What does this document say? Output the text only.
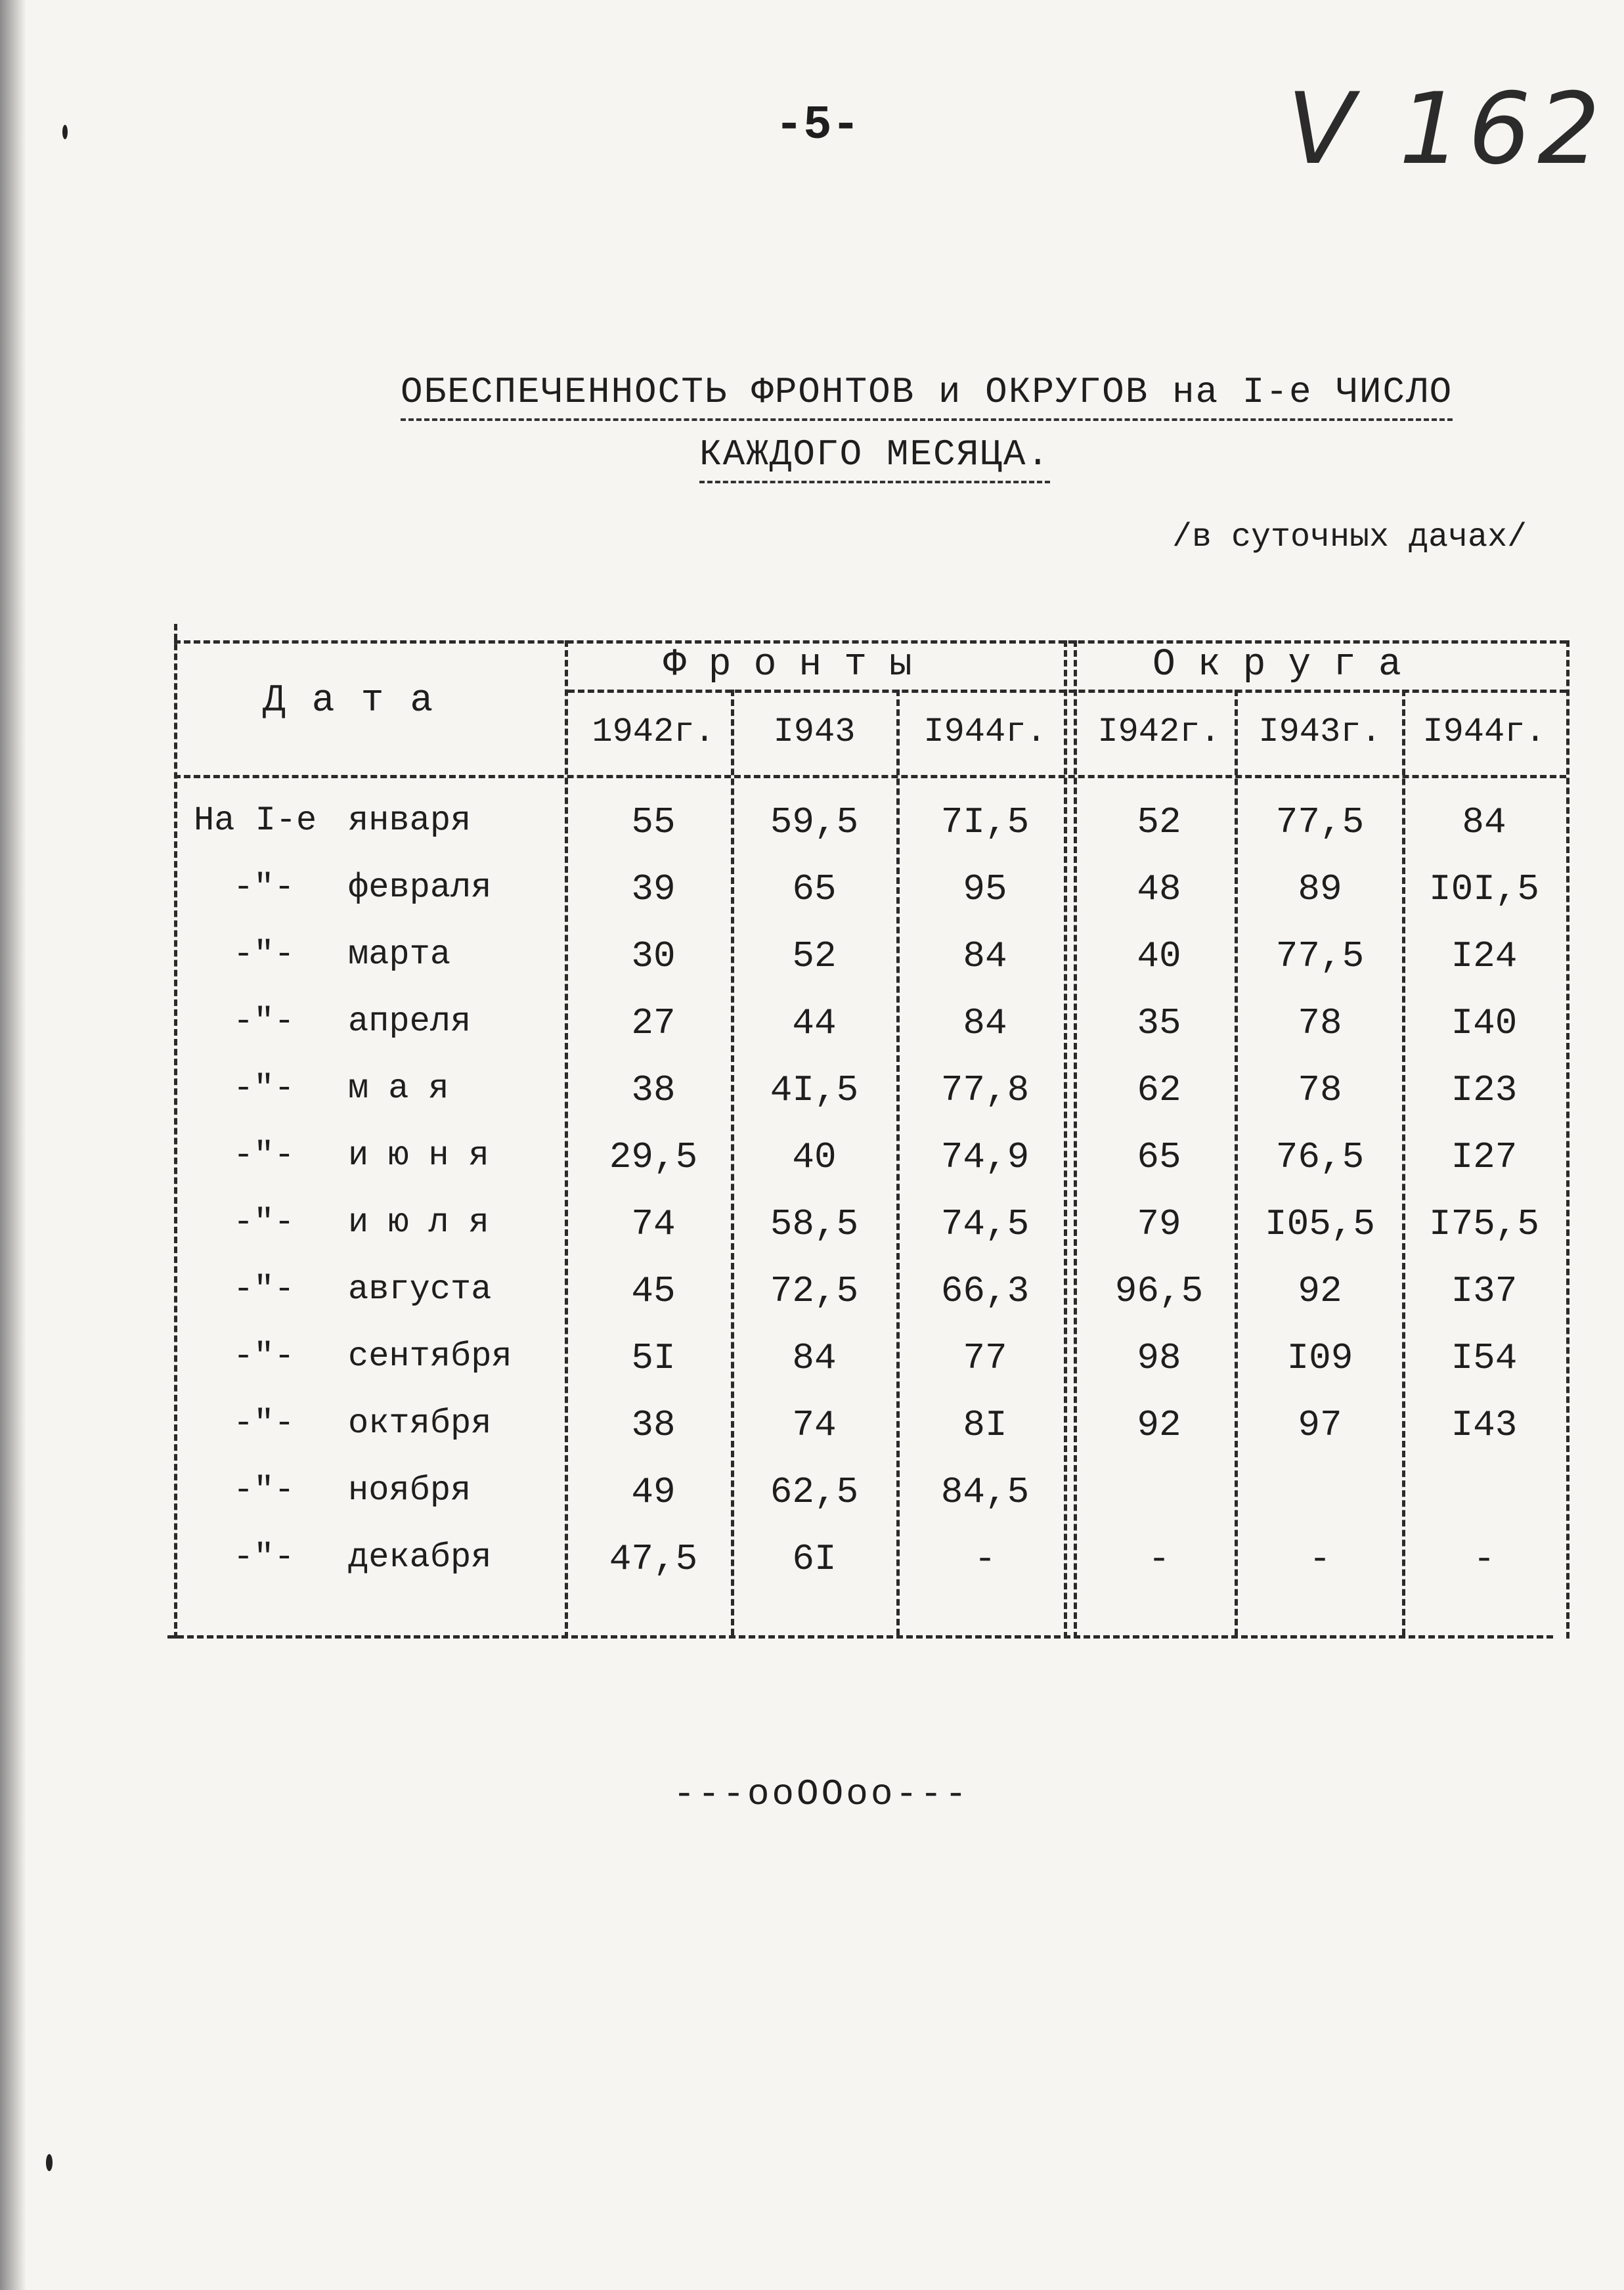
-5-	V 162
ОБЕСПЕЧЕННОСТЬ ФРОНТОВ и ОКРУГОВ на I-е ЧИСЛО
КАЖДОГО МЕСЯЦА.
/в суточных дачах/
Дата
Фронты	Округа
1942г.	I943	I944г.	I942г.	I943г.	I944г.
На I-е января	55	59,5	7I,5	52	77,5	84
-"- февраля	39	65	95	48	89	I0I,5
-"- марта	30	52	84	40	77,5	I24
-"- апреля	27	44	84	35	78	I40
-"- мая	38	4I,5	77,8	62	78	I23
-"- июня	29,5	40	74,9	65	76,5	I27
-"- июля	74	58,5	74,5	79	I05,5	I75,5
-"- августа	45	72,5	66,3	96,5	92	I37
-"- сентября	5I	84	77	98	I09	I54
-"- октября	38	74	8I	92	97	I43
-"- ноября	49	62,5	84,5
-"- декабря	47,5	6I	-	-	-	-
---ooOOoo---
